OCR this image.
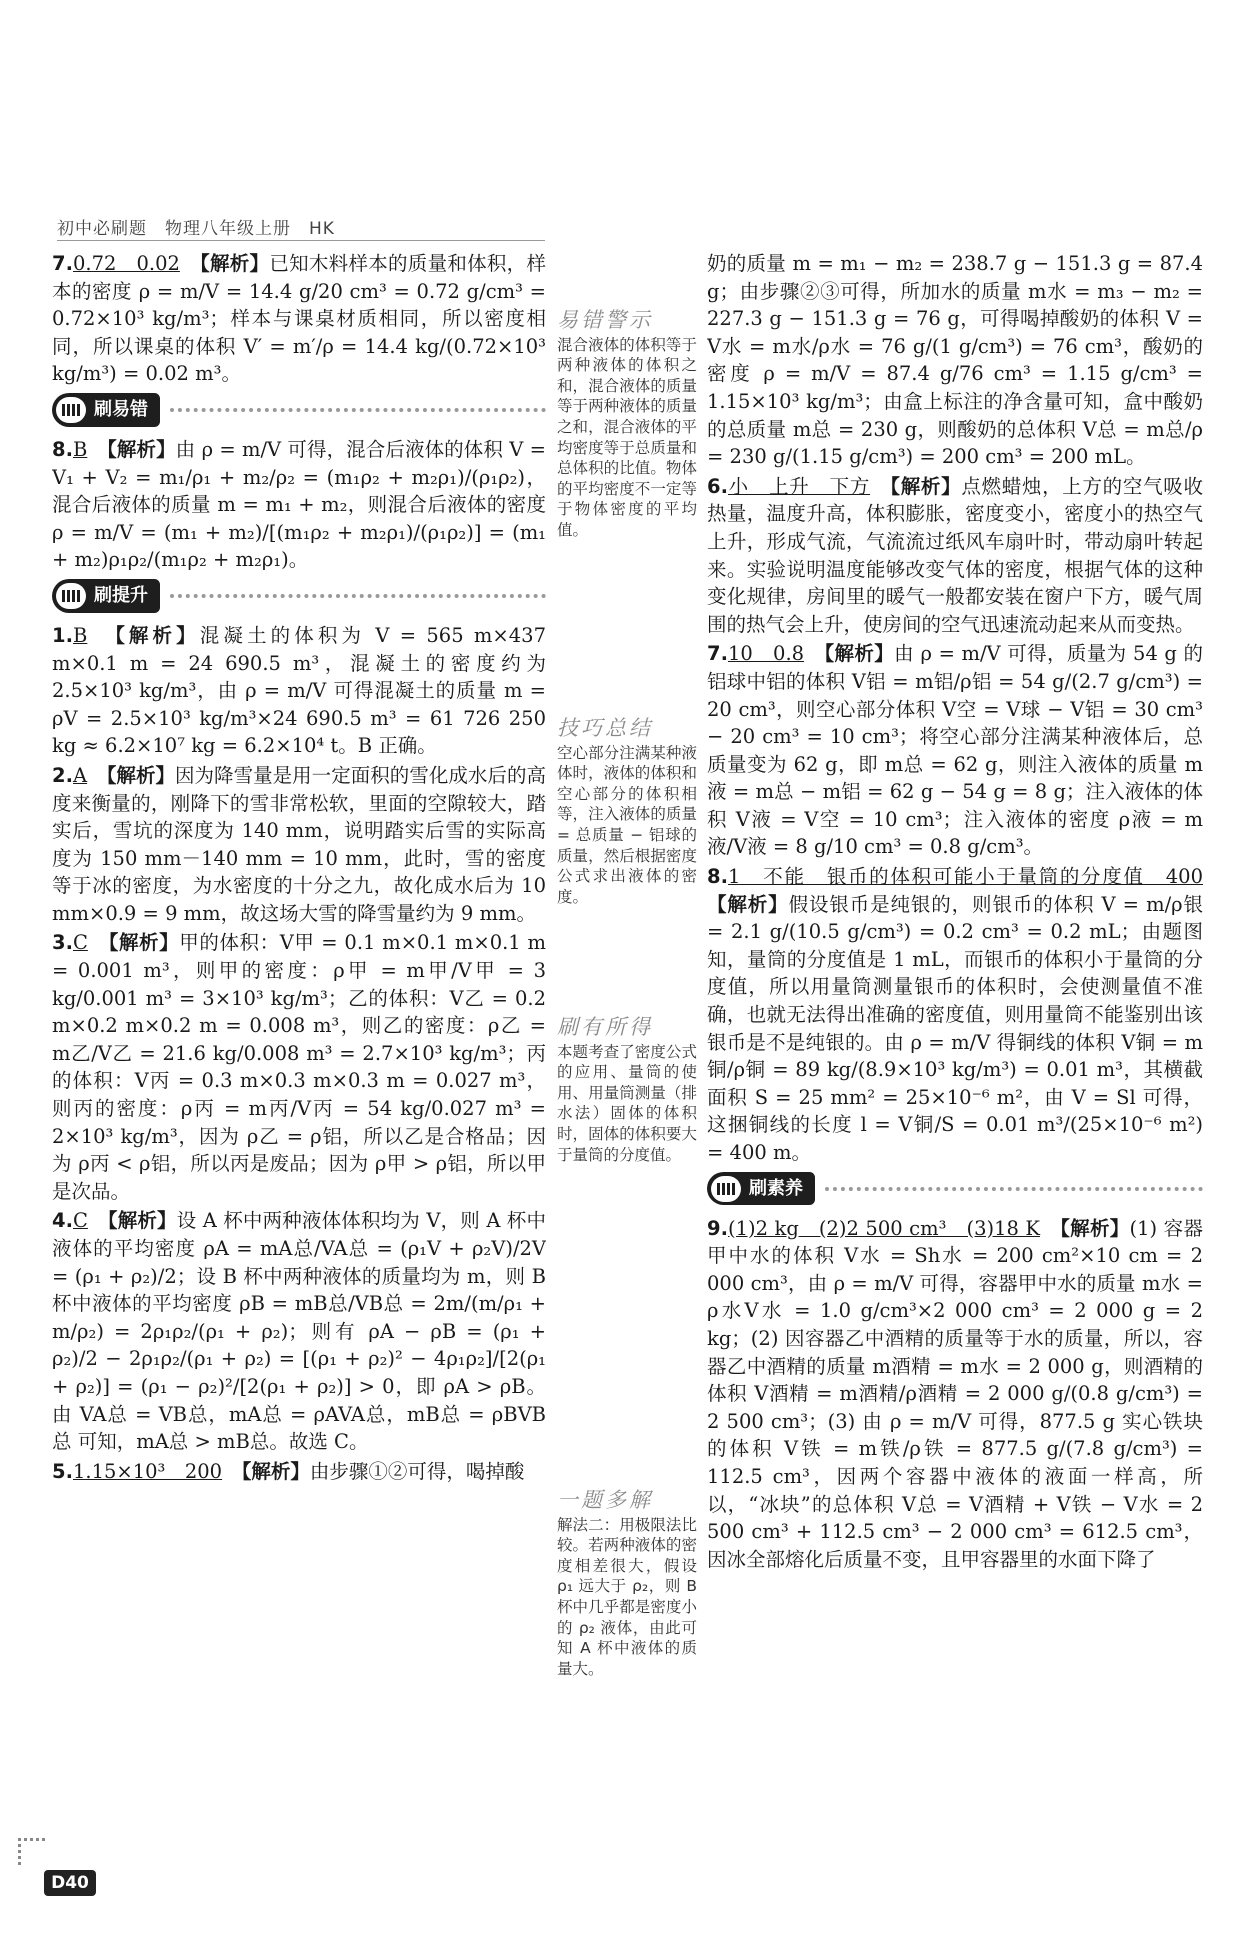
初中必刷题　物理八年级上册　HK

7.0.72　0.02　 【解析】已知木料样本的质量和体积，样本的密度 ρ = m/V = 14.4 g/20 cm³ = 0.72 g/cm³ = 0.72×10³ kg/m³；样本与课桌材质相同，所以密度相同，所以课桌的体积 V′ = m′/ρ = 14.4 kg/(0.72×10³ kg/m³) = 0.02 m³。

刷易错

8.B　 【解析】由 ρ = m/V 可得，混合后液体的体积 V = V₁ + V₂ = m₁/ρ₁ + m₂/ρ₂ = (m₁ρ₂ + m₂ρ₁)/(ρ₁ρ₂)，混合后液体的质量 m = m₁ + m₂，则混合后液体的密度 ρ = m/V = (m₁ + m₂)/[(m₁ρ₂ + m₂ρ₁)/(ρ₁ρ₂)] = (m₁ + m₂)ρ₁ρ₂/(m₁ρ₂ + m₂ρ₁)。

刷提升

1.B　 【解析】混凝土的体积为 V = 565 m×437 m×0.1 m = 24 690.5 m³，混凝土的密度约为 2.5×10³ kg/m³，由 ρ = m/V 可得混凝土的质量 m = ρV = 2.5×10³ kg/m³×24 690.5 m³ = 61 726 250 kg ≈ 6.2×10⁷ kg = 6.2×10⁴ t。B 正确。

2.A　 【解析】因为降雪量是用一定面积的雪化成水后的高度来衡量的，刚降下的雪非常松软，里面的空隙较大，踏实后，雪坑的深度为 140 mm，说明踏实后雪的实际高度为 150 mm－140 mm = 10 mm，此时，雪的密度等于冰的密度，为水密度的十分之九，故化成水后为 10 mm×0.9 = 9 mm，故这场大雪的降雪量约为 9 mm。

3.C　 【解析】甲的体积：V甲 = 0.1 m×0.1 m×0.1 m = 0.001 m³，则甲的密度：ρ甲 = m甲/V甲 = 3 kg/0.001 m³ = 3×10³ kg/m³；乙的体积：V乙 = 0.2 m×0.2 m×0.2 m = 0.008 m³，则乙的密度：ρ乙 = m乙/V乙 = 21.6 kg/0.008 m³ = 2.7×10³ kg/m³；丙的体积：V丙 = 0.3 m×0.3 m×0.3 m = 0.027 m³，则丙的密度：ρ丙 = m丙/V丙 = 54 kg/0.027 m³ = 2×10³ kg/m³，因为 ρ乙 = ρ铝，所以乙是合格品；因为 ρ丙 < ρ铝，所以丙是废品；因为 ρ甲 > ρ铝，所以甲是次品。

4.C　 【解析】设 A 杯中两种液体体积均为 V，则 A 杯中液体的平均密度 ρA = mA总/VA总 = (ρ₁V + ρ₂V)/2V = (ρ₁ + ρ₂)/2；设 B 杯中两种液体的质量均为 m，则 B 杯中液体的平均密度 ρB = mB总/VB总 = 2m/(m/ρ₁ + m/ρ₂) = 2ρ₁ρ₂/(ρ₁ + ρ₂)；则有 ρA − ρB = (ρ₁ + ρ₂)/2 − 2ρ₁ρ₂/(ρ₁ + ρ₂) = [(ρ₁ + ρ₂)² − 4ρ₁ρ₂]/[2(ρ₁ + ρ₂)] = (ρ₁ − ρ₂)²/[2(ρ₁ + ρ₂)] > 0，即 ρA > ρB。由 VA总 = VB总，mA总 = ρAVA总，mB总 = ρBVB总 可知，mA总 > mB总。故选 C。

5.1.15×10³　200　 【解析】由步骤①②可得，喝掉酸

易错警示
混合液体的体积等于两种液体的体积之和，混合液体的质量等于两种液体的质量之和，混合液体的平均密度等于总质量和总体积的比值。物体的平均密度不一定等于物体密度的平均值。
技巧总结
空心部分注满某种液体时，液体的体积和空心部分的体积相等，注入液体的质量 = 总质量 − 铝球的质量，然后根据密度公式求出液体的密度。
刷有所得
本题考查了密度公式的应用、量筒的使用、用量筒测量（排水法）固体的体积时，固体的体积要大于量筒的分度值。
一题多解
解法二：用极限法比较。若两种液体的密度相差很大，假设 ρ₁ 远大于 ρ₂，则 B 杯中几乎都是密度小的 ρ₂ 液体，由此可知 A 杯中液体的质量大。

奶的质量 m = m₁ − m₂ = 238.7 g − 151.3 g = 87.4 g；由步骤②③可得，所加水的质量 m水 = m₃ − m₂ = 227.3 g − 151.3 g = 76 g，可得喝掉酸奶的体积 V = V水 = m水/ρ水 = 76 g/(1 g/cm³) = 76 cm³，酸奶的密度 ρ = m/V = 87.4 g/76 cm³ = 1.15 g/cm³ = 1.15×10³ kg/m³；由盒上标注的净含量可知，盒中酸奶的总质量 m总 = 230 g，则酸奶的总体积 V总 = m总/ρ = 230 g/(1.15 g/cm³) = 200 cm³ = 200 mL。

6.小　上升　下方　 【解析】点燃蜡烛，上方的空气吸收热量，温度升高，体积膨胀，密度变小，密度小的热空气上升，形成气流，气流流过纸风车扇叶时，带动扇叶转起来。实验说明温度能够改变气体的密度，根据气体的这种变化规律，房间里的暖气一般都安装在窗户下方，暖气周围的热气会上升，使房间的空气迅速流动起来从而变热。

7.10　0.8　 【解析】由 ρ = m/V 可得，质量为 54 g 的铝球中铝的体积 V铝 = m铝/ρ铝 = 54 g/(2.7 g/cm³) = 20 cm³，则空心部分体积 V空 = V球 − V铝 = 30 cm³ − 20 cm³ = 10 cm³；将空心部分注满某种液体后，总质量变为 62 g，即 m总 = 62 g，则注入液体的质量 m液 = m总 − m铝 = 62 g − 54 g = 8 g；注入液体的体积 V液 = V空 = 10 cm³；注入液体的密度 ρ液 = m液/V液 = 8 g/10 cm³ = 0.8 g/cm³。

8.1　不能　银币的体积可能小于量筒的分度值　400　【解析】假设银币是纯银的，则银币的体积 V = m/ρ银 = 2.1 g/(10.5 g/cm³) = 0.2 cm³ = 0.2 mL；由题图知，量筒的分度值是 1 mL，而银币的体积小于量筒的分度值，所以用量筒测量银币的体积时，会使测量值不准确，也就无法得出准确的密度值，则用量筒不能鉴别出该银币是不是纯银的。由 ρ = m/V 得铜线的体积 V铜 = m铜/ρ铜 = 89 kg/(8.9×10³ kg/m³) = 0.01 m³，其横截面积 S = 25 mm² = 25×10⁻⁶ m²，由 V = Sl 可得，这捆铜线的长度 l = V铜/S = 0.01 m³/(25×10⁻⁶ m²) = 400 m。

刷素养

9.(1)2 kg　(2)2 500 cm³　(3)18 K　 【解析】(1) 容器甲中水的体积 V水 = Sh水 = 200 cm²×10 cm = 2 000 cm³，由 ρ = m/V 可得，容器甲中水的质量 m水 = ρ水V水 = 1.0 g/cm³×2 000 cm³ = 2 000 g = 2 kg；(2) 因容器乙中酒精的质量等于水的质量，所以，容器乙中酒精的质量 m酒精 = m水 = 2 000 g，则酒精的体积 V酒精 = m酒精/ρ酒精 = 2 000 g/(0.8 g/cm³) = 2 500 cm³；(3) 由 ρ = m/V 可得，877.5 g 实心铁块的体积 V铁 = m铁/ρ铁 = 877.5 g/(7.8 g/cm³) = 112.5 cm³，因两个容器中液体的液面一样高，所以，“冰块”的总体积 V总 = V酒精 + V铁 − V水 = 2 500 cm³ + 112.5 cm³ − 2 000 cm³ = 612.5 cm³，因冰全部熔化后质量不变，且甲容器里的水面下降了

D40
